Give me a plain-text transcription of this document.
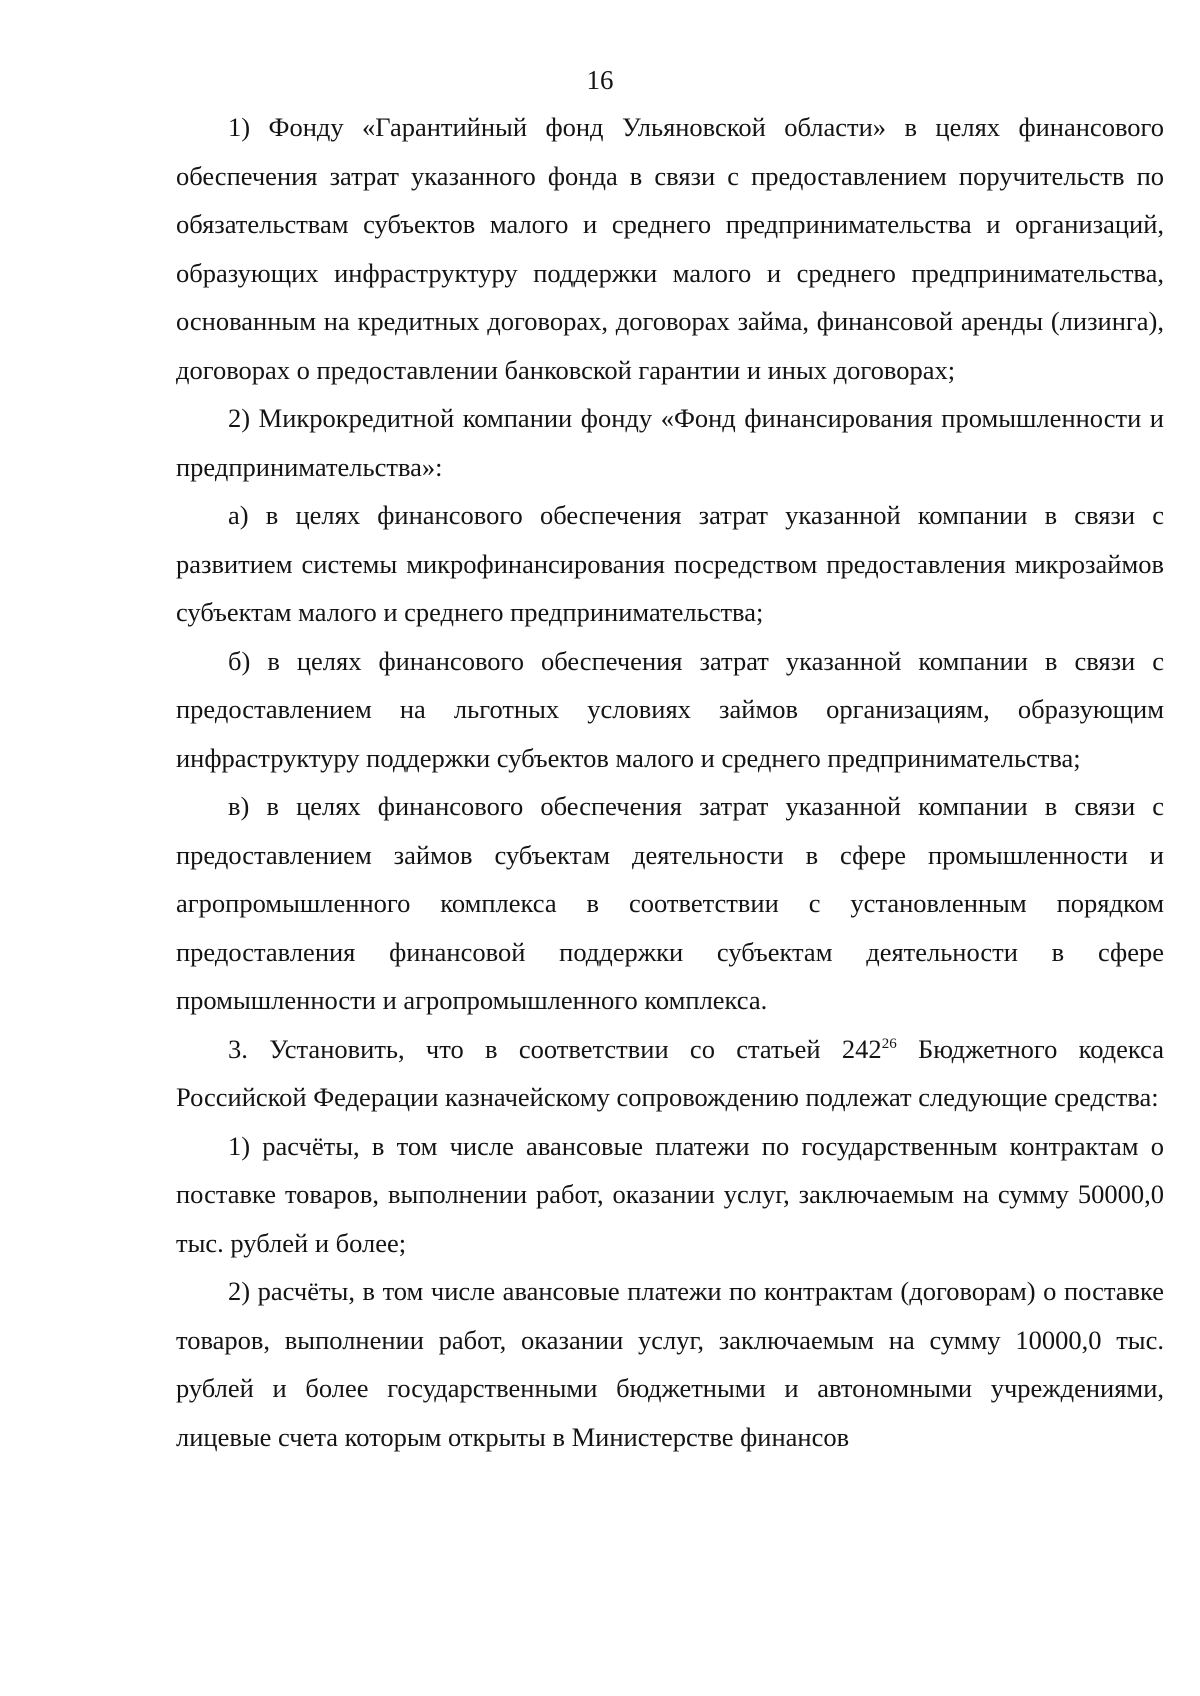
16

1) Фонду «Гарантийный фонд Ульяновской области» в целях финансового обеспечения затрат указанного фонда в связи с предоставлением поручительств по обязательствам субъектов малого и среднего предпринимательства и организаций, образующих инфраструктуру поддержки малого и среднего предпринимательства, основанным на кредитных договорах, договорах займа, финансовой аренды (лизинга), договорах о предоставлении банковской гарантии и иных договорах;

2) Микрокредитной компании фонду «Фонд финансирования промышленности и предпринимательства»:

а) в целях финансового обеспечения затрат указанной компании в связи с развитием системы микрофинансирования посредством предоставления микрозаймов субъектам малого и среднего предпринимательства;

б) в целях финансового обеспечения затрат указанной компании в связи с предоставлением на льготных условиях займов организациям, образующим инфраструктуру поддержки субъектов малого и среднего предпринимательства;

в) в целях финансового обеспечения затрат указанной компании в связи с предоставлением займов субъектам деятельности в сфере промышленности и агропромышленного комплекса в соответствии с установленным порядком предоставления финансовой поддержки субъектам деятельности в сфере промышленности и агропромышленного комплекса.

3. Установить, что в соответствии со статьей $242^{26}$ Бюджетного кодекса Российской Федерации казначейскому сопровождению подлежат следующие средства:

1) расчёты, в том числе авансовые платежи по государственным контрактам о поставке товаров, выполнении работ, оказании услуг, заключаемым на сумму 50000,0 тыс. рублей и более;

2) расчёты, в том числе авансовые платежи по контрактам (договорам) о поставке товаров, выполнении работ, оказании услуг, заключаемым на сумму 10000,0 тыс. рублей и более государственными бюджетными и автономными учреждениями, лицевые счета которым открыты в Министерстве финансов
